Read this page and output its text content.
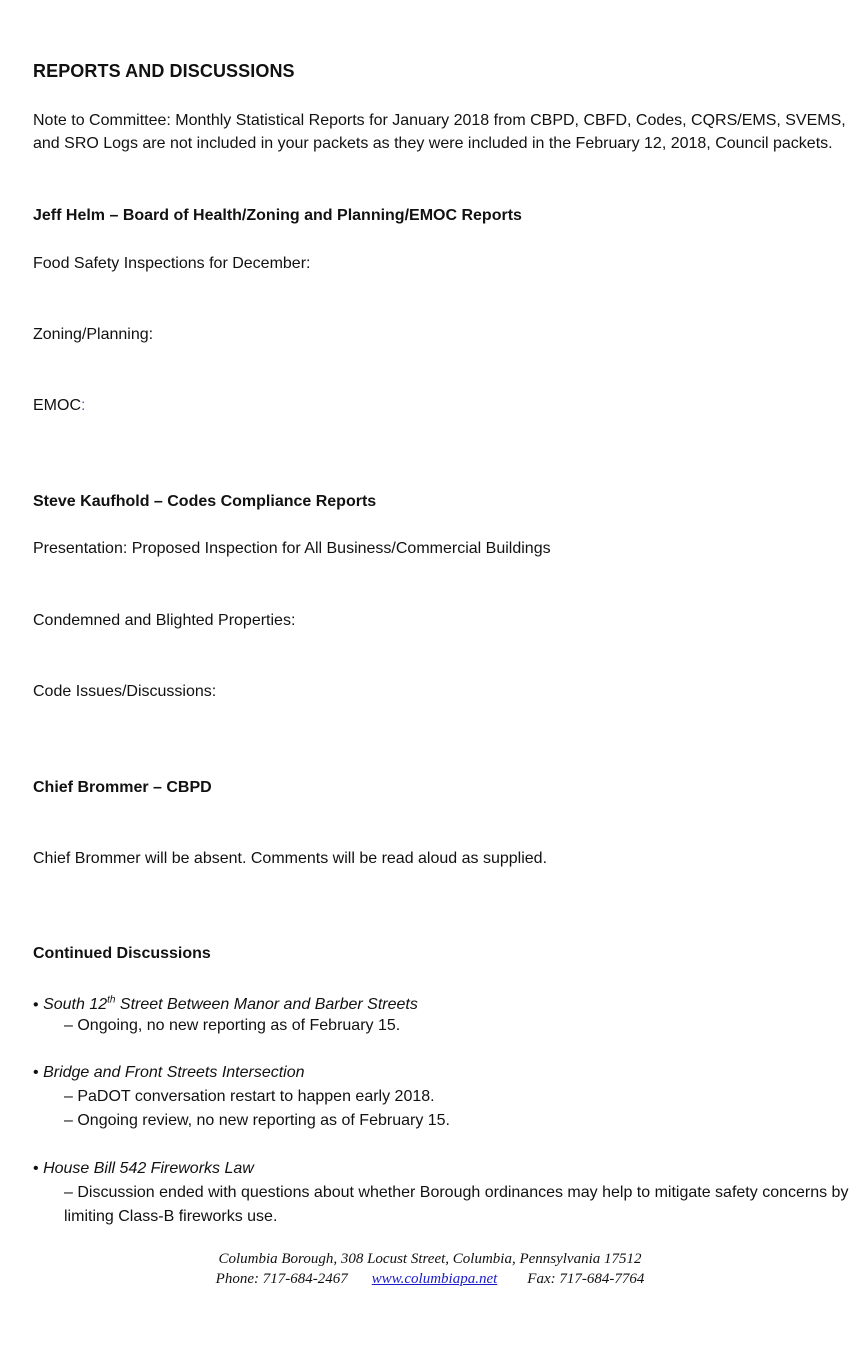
REPORTS AND DISCUSSIONS
Note to Committee: Monthly Statistical Reports for January 2018 from CBPD, CBFD, Codes, CQRS/EMS, SVEMS, and SRO Logs are not included in your packets as they were included in the February 12, 2018, Council packets.
Jeff Helm – Board of Health/Zoning and Planning/EMOC Reports
Food Safety Inspections for December:
Zoning/Planning:
EMOC:
Steve Kaufhold – Codes Compliance Reports
Presentation: Proposed Inspection for All Business/Commercial Buildings
Condemned and Blighted Properties:
Code Issues/Discussions:
Chief Brommer – CBPD
Chief Brommer will be absent. Comments will be read aloud as supplied.
Continued Discussions
• South 12th Street Between Manor and Barber Streets
– Ongoing, no new reporting as of February 15.
• Bridge and Front Streets Intersection
– PaDOT conversation restart to happen early 2018.
– Ongoing review, no new reporting as of February 15.
• House Bill 542 Fireworks Law
– Discussion ended with questions about whether Borough ordinances may help to mitigate safety concerns by limiting Class-B fireworks use.
Columbia Borough, 308 Locust Street, Columbia, Pennsylvania 17512
Phone: 717-684-2467 www.columbiapa.net Fax: 717-684-7764
